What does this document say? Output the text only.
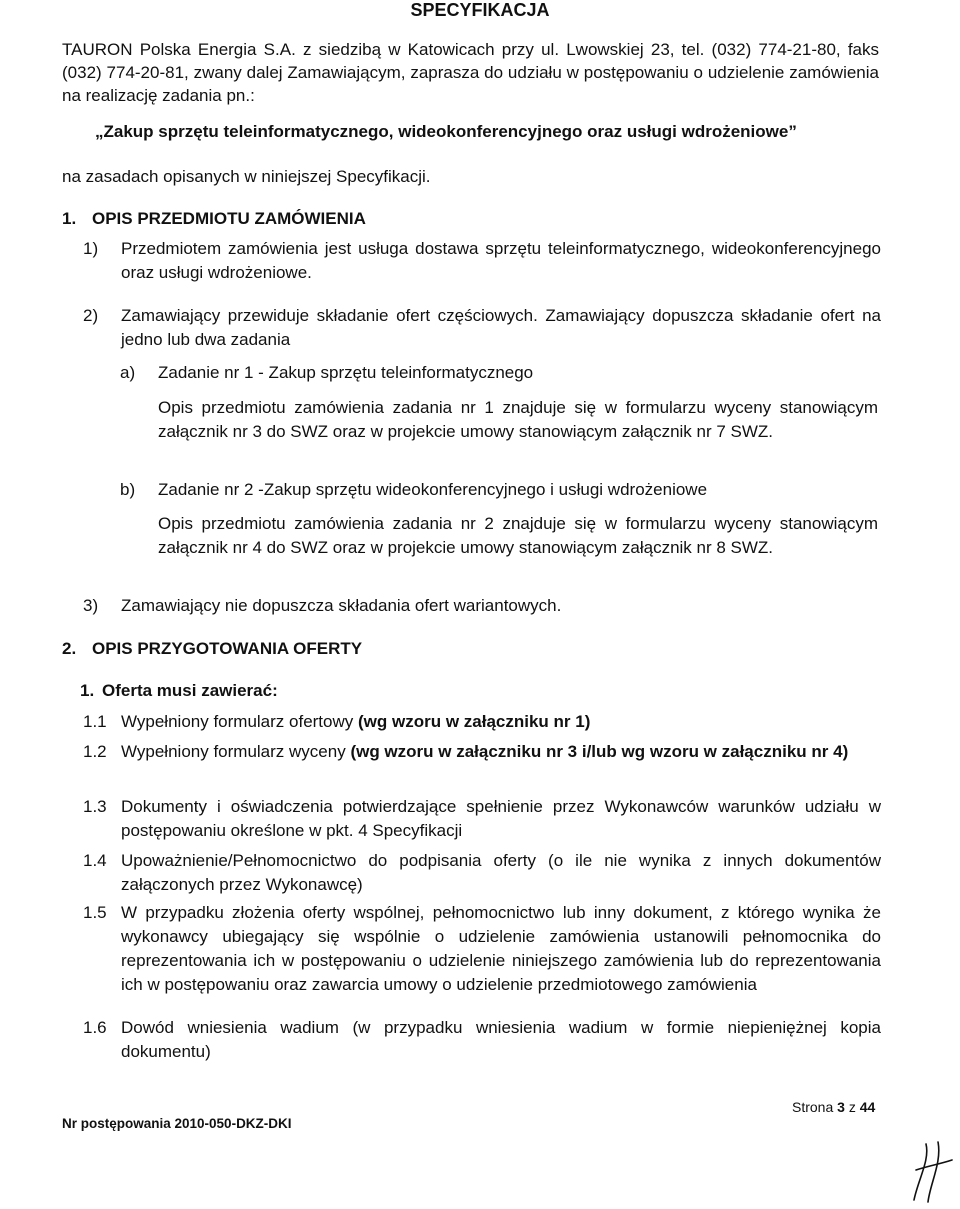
SPECYFIKACJA
TAURON Polska Energia S.A. z siedzibą w Katowicach przy ul. Lwowskiej 23, tel. (032) 774-21-80, faks (032) 774-20-81, zwany dalej Zamawiającym, zaprasza do udziału w postępowaniu o udzielenie zamówienia na realizację zadania pn.:
„Zakup sprzętu teleinformatycznego, wideokonferencyjnego oraz usługi wdrożeniowe”
na zasadach opisanych w niniejszej Specyfikacji.
1. OPIS PRZEDMIOTU ZAMÓWIENIA
1) Przedmiotem zamówienia jest usługa dostawa sprzętu teleinformatycznego, wideokonferencyjnego oraz usługi wdrożeniowe.
2) Zamawiający przewiduje składanie ofert częściowych. Zamawiający dopuszcza składanie ofert na jedno lub dwa zadania
a) Zadanie nr 1 - Zakup sprzętu teleinformatycznego
Opis przedmiotu zamówienia zadania nr 1 znajduje się w formularzu wyceny stanowiącym załącznik nr 3 do SWZ oraz w projekcie umowy stanowiącym załącznik nr 7 SWZ.
b) Zadanie nr 2 -Zakup sprzętu wideokonferencyjnego i usługi wdrożeniowe
Opis przedmiotu zamówienia zadania nr 2 znajduje się w formularzu wyceny stanowiącym załącznik nr 4 do SWZ oraz w projekcie umowy stanowiącym załącznik nr 8 SWZ.
3) Zamawiający nie dopuszcza składania ofert wariantowych.
2. OPIS PRZYGOTOWANIA OFERTY
1. Oferta musi zawierać:
1.1 Wypełniony formularz ofertowy (wg wzoru w załączniku nr 1)
1.2 Wypełniony formularz wyceny (wg wzoru w załączniku nr 3 i/lub wg wzoru w załączniku nr 4)
1.3 Dokumenty i oświadczenia potwierdzające spełnienie przez Wykonawców warunków udziału w postępowaniu określone w pkt. 4 Specyfikacji
1.4 Upoważnienie/Pełnomocnictwo do podpisania oferty (o ile nie wynika z innych dokumentów załączonych przez Wykonawcę)
1.5 W przypadku złożenia oferty wspólnej, pełnomocnictwo lub inny dokument, z którego wynika że wykonawcy ubiegający się wspólnie o udzielenie zamówienia ustanowili pełnomocnika do reprezentowania ich w postępowaniu o udzielenie niniejszego zamówienia lub do reprezentowania ich w postępowaniu oraz zawarcia umowy o udzielenie przedmiotowego zamówienia
1.6 Dowód wniesienia wadium (w przypadku wniesienia wadium w formie niepieniężnej kopia dokumentu)
Nr postępowania 2010-050-DKZ-DKI
Strona 3 z 44
